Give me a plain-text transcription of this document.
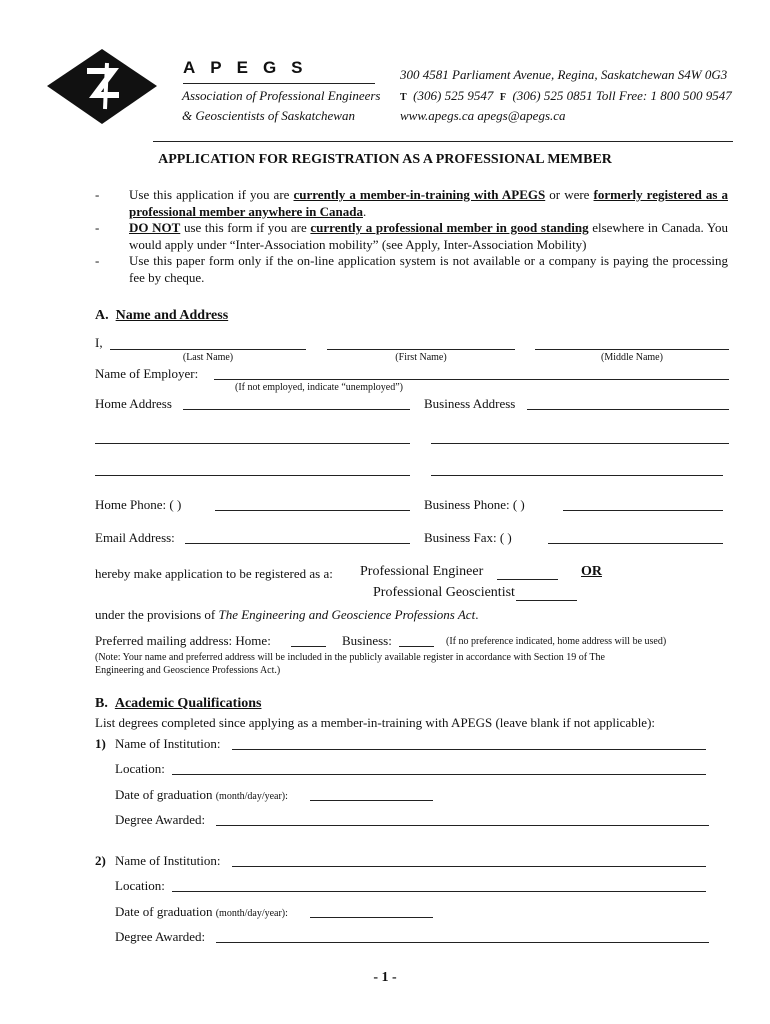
APEGS
Association of Professional Engineers
& Geoscientists of Saskatchewan
300 4581 Parliament Avenue, Regina, Saskatchewan S4W 0G3
T (306) 525 9547 F (306) 525 0851 Toll Free: 1 800 500 9547
www.apegs.ca apegs@apegs.ca
APPLICATION FOR REGISTRATION AS A PROFESSIONAL MEMBER
-	Use this application if you are currently a member-in-training with APEGS or were formerly registered as a professional member anywhere in Canada.
-	DO NOT use this form if you are currently a professional member in good standing elsewhere in Canada. You would apply under “Inter-Association mobility” (see Apply, Inter-Association Mobility)
-	Use this paper form only if the on-line application system is not available or a company is paying the processing fee by cheque.
A. Name and Address
I,
(Last Name)	(First Name)	(Middle Name)
Name of Employer:
(If not employed, indicate “unemployed”)
Home Address	Business Address
Home Phone: ( )	Business Phone: ( )
Email Address:	Business Fax: ( )
hereby make application to be registered as a: Professional Engineer	OR
Professional Geoscientist
under the provisions of The Engineering and Geoscience Professions Act.
Preferred mailing address: Home:	Business:	(If no preference indicated, home address will be used)
(Note: Your name and preferred address will be included in the publicly available register in accordance with Section 19 of The
Engineering and Geoscience Professions Act.)
B. Academic Qualifications
List degrees completed since applying as a member-in-training with APEGS (leave blank if not applicable):
1) Name of Institution:
Location:
Date of graduation (month/day/year):
Degree Awarded:
2) Name of Institution:
Location:
Date of graduation (month/day/year):
Degree Awarded:
- 1 -
